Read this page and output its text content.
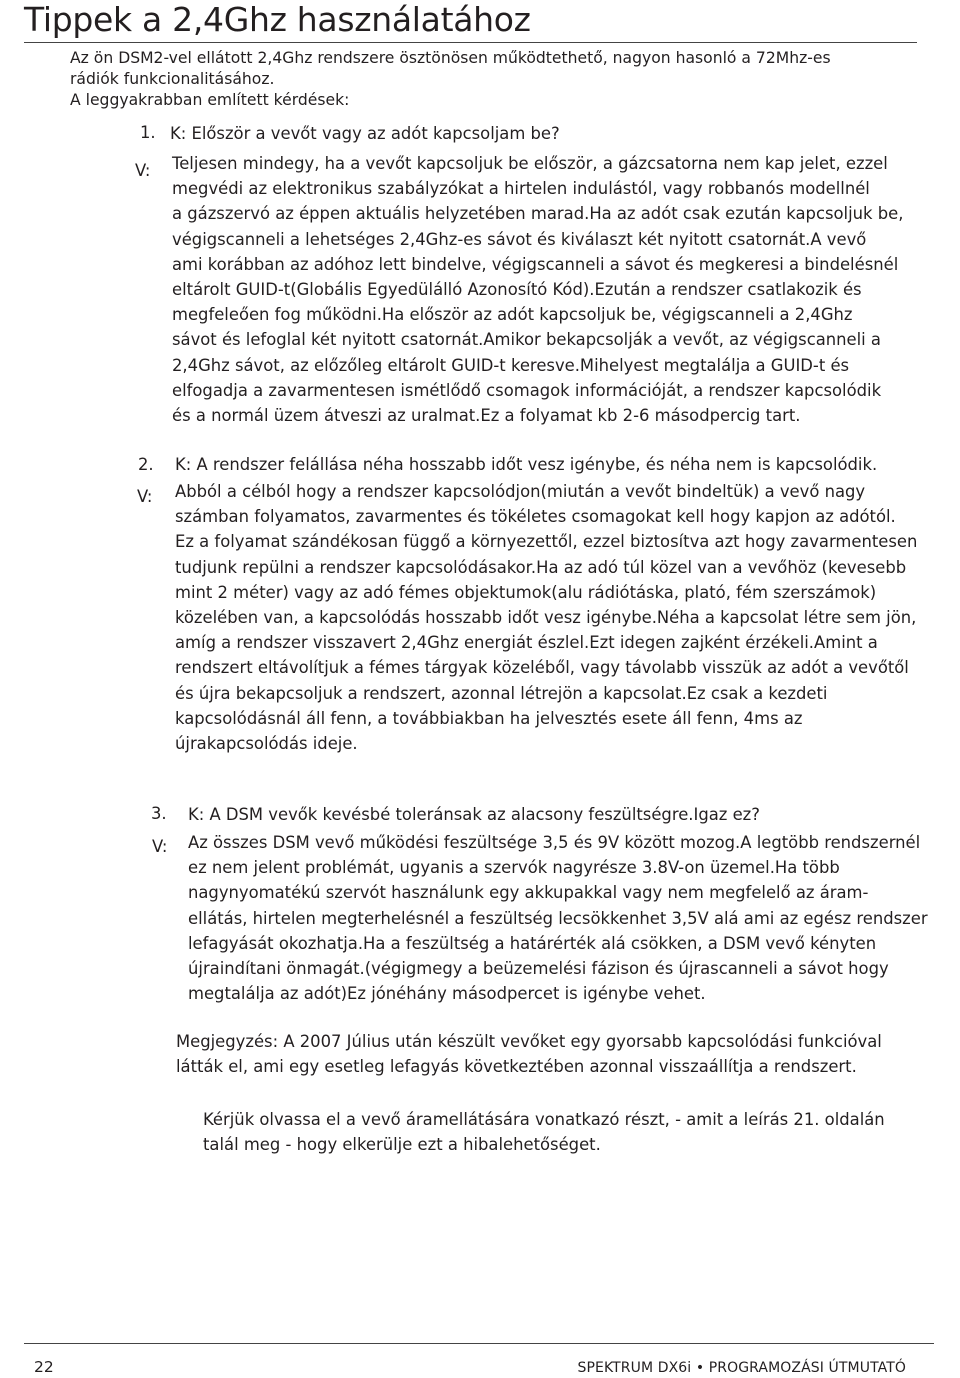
Tippek a 2,4Ghz használatához
Az ön DSM2-vel ellátott 2,4Ghz rendszere ösztönösen működtethető, nagyon hasonló a 72Mhz-es
rádiók funkcionalitásához.
A leggyakrabban említett kérdések:
1. K: Először a vevőt vagy az adót kapcsoljam be?
V: Teljesen mindegy, ha a vevőt kapcsoljuk be először, a gázcsatorna nem kap jelet, ezzel

megvédi az elektronikus szabályzókat a hirtelen indulástól, vagy robbanós modellnél

a gázszervó az éppen aktuális helyzetében marad.Ha az adót csak ezután kapcsoljuk be,

végigscanneli a lehetséges 2,4Ghz-es sávot és kiválaszt két nyitott csatornát.A vevő

ami korábban az adóhoz lett bindelve, végigscanneli a sávot és megkeresi a bindelésnél

eltárolt GUID-t(Globális Egyedülálló Azonosító Kód).Ezután a rendszer csatlakozik és

megfeleően fog működni.Ha először az adót kapcsoljuk be, végigscanneli a 2,4Ghz

sávot és lefoglal két nyitott csatornát.Amikor bekapcsolják a vevőt, az végigscanneli a

2,4Ghz sávot, az előzőleg eltárolt GUID-t keresve.Mihelyest megtalálja a GUID-t és

elfogadja a zavarmentesen ismétlődő csomagok információját, a rendszer kapcsolódik

és a normál üzem átveszi az uralmat.Ez a folyamat kb 2-6 másodpercig tart.

2. K: A rendszer felállása néha hosszabb időt vesz igénybe, és néha nem is kapcsolódik.
V: Abból a célból hogy a rendszer kapcsolódjon(miután a vevőt bindeltük) a vevő nagy

számban folyamatos, zavarmentes és tökéletes csomagokat kell hogy kapjon az adótól.

Ez a folyamat szándékosan függő a környezettől, ezzel biztosítva azt hogy zavarmentesen

tudjunk repülni a rendszer kapcsolódásakor.Ha az adó túl közel van a vevőhöz (kevesebb

mint 2 méter) vagy az adó fémes objektumok(alu rádiótáska, plató, fém szerszámok)

közelében van, a kapcsolódás hosszabb időt vesz igénybe.Néha a kapcsolat létre sem jön,

amíg a rendszer visszavert 2,4Ghz energiát észlel.Ezt idegen zajként érzékeli.Amint a

rendszert eltávolítjuk a fémes tárgyak közeléből, vagy távolabb visszük az adót a vevőtől

és újra bekapcsoljuk a rendszert, azonnal létrejön a kapcsolat.Ez csak a kezdeti

kapcsolódásnál áll fenn, a továbbiakban ha jelvesztés esete áll fenn, 4ms az

újrakapcsolódás ideje.

3. K: A DSM vevők kevésbé toleránsak az alacsony feszültségre.Igaz ez?
V: Az összes DSM vevő működési feszültsége 3,5 és 9V között mozog.A legtöbb rendszernél

ez nem jelent problémát, ugyanis a szervók nagyrésze 3.8V-on üzemel.Ha több

nagynyomatékú szervót használunk egy akkupakkal vagy nem megfelelő az áram-

ellátás, hirtelen megterhelésnél a feszültség lecsökkenhet 3,5V alá ami az egész rendszer

lefagyását okozhatja.Ha a feszültség a határérték alá csökken, a DSM vevő kényten

újraindítani önmagát.(végigmegy a beüzemelési fázison és újrascanneli a sávot hogy

megtalálja az adót)Ez jónéhány másodpercet is igénybe vehet.

Megjegyzés: A 2007 Július után készült vevőket egy gyorsabb kapcsolódási funkcióval

látták el, ami egy esetleg lefagyás következtében azonnal visszaállítja a rendszert.

Kérjük olvassa el a vevő áramellátására vonatkazó részt, - amit a leírás 21. oldalán

talál meg - hogy elkerülje ezt a hibalehetőséget.

22	SPEKTRUM DX6i • PROGRAMOZÁSI ÚTMUTATÓ
